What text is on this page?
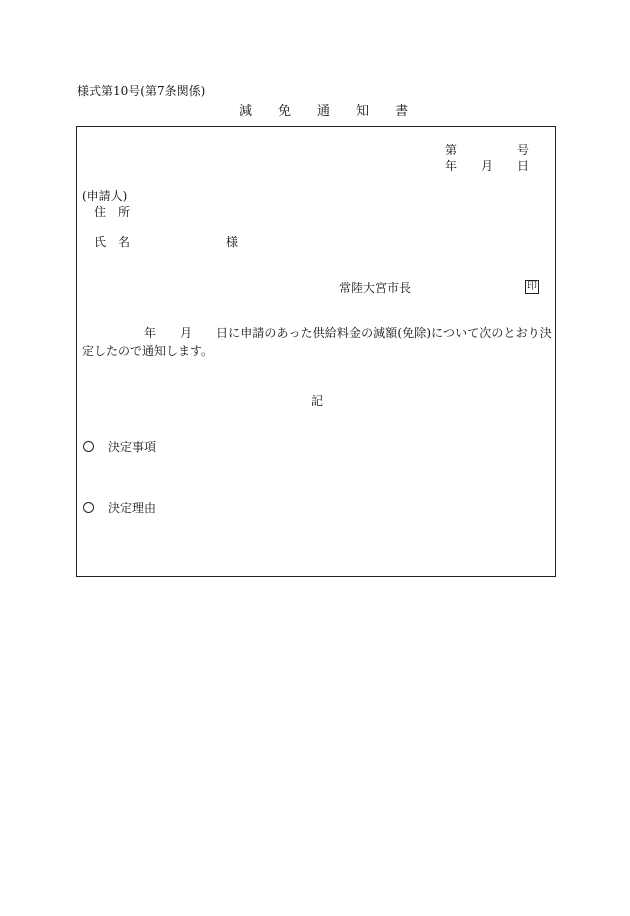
様式第10号(第7条関係)
減 免 通 知 書
第	号
年 月 日
(申請人)
住 所
氏 名	様
常陸大宮市長	印
年 月 日に申請のあった供給料金の減額(免除)について次のとおり決
定したので通知します。
記
決定事項
決定理由
